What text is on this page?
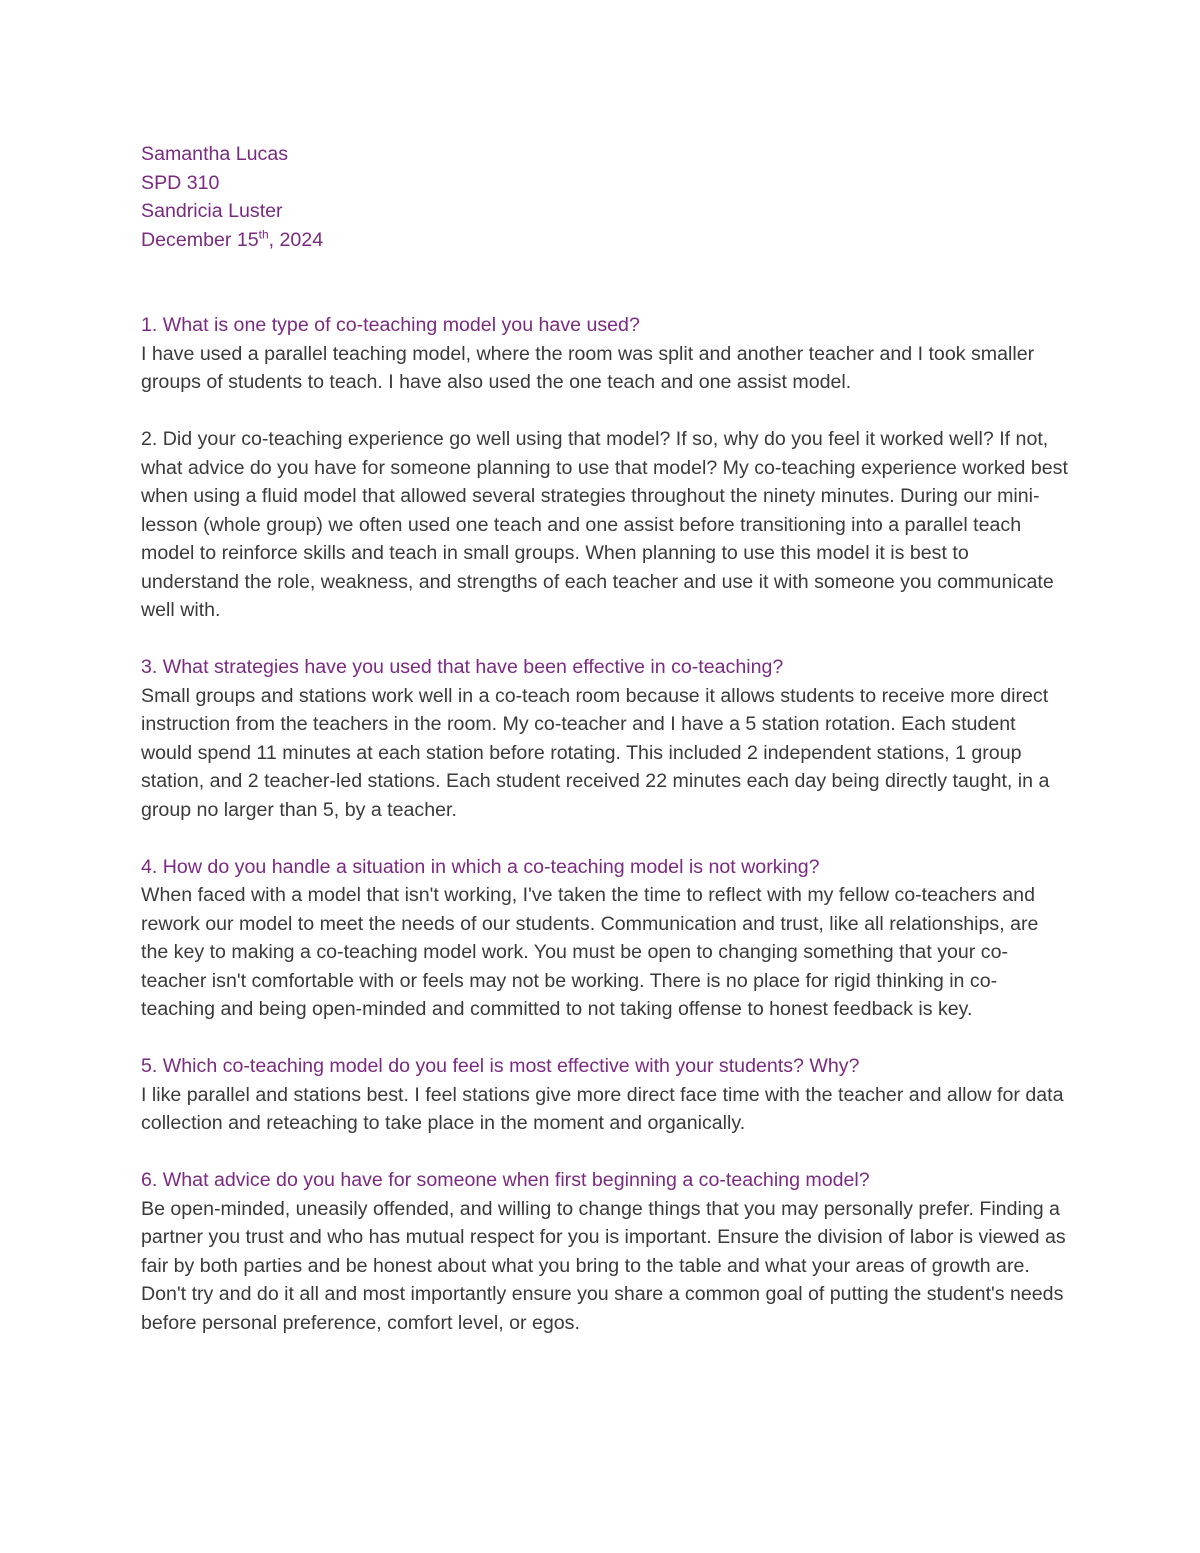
Samantha Lucas
SPD 310
Sandricia Luster
December 15th, 2024
1. What is one type of co-teaching model you have used?
I have used a parallel teaching model, where the room was split and another teacher and I took smaller groups of students to teach. I have also used the one teach and one assist model.
2. Did your co-teaching experience go well using that model? If so, why do you feel it worked well? If not, what advice do you have for someone planning to use that model? My co-teaching experience worked best when using a fluid model that allowed several strategies throughout the ninety minutes. During our mini-lesson (whole group) we often used one teach and one assist before transitioning into a parallel teach model to reinforce skills and teach in small groups. When planning to use this model it is best to understand the role, weakness, and strengths of each teacher and use it with someone you communicate well with.
3. What strategies have you used that have been effective in co-teaching?
Small groups and stations work well in a co-teach room because it allows students to receive more direct instruction from the teachers in the room. My co-teacher and I have a 5 station rotation. Each student would spend 11 minutes at each station before rotating. This included 2 independent stations, 1 group station, and 2 teacher-led stations. Each student received 22 minutes each day being directly taught, in a group no larger than 5, by a teacher.
4. How do you handle a situation in which a co-teaching model is not working?
When faced with a model that isn't working, I've taken the time to reflect with my fellow co-teachers and rework our model to meet the needs of our students. Communication and trust, like all relationships, are the key to making a co-teaching model work. You must be open to changing something that your co-teacher isn't comfortable with or feels may not be working. There is no place for rigid thinking in co-teaching and being open-minded and committed to not taking offense to honest feedback is key.
5. Which co-teaching model do you feel is most effective with your students? Why?
I like parallel and stations best. I feel stations give more direct face time with the teacher and allow for data collection and reteaching to take place in the moment and organically.
6. What advice do you have for someone when first beginning a co-teaching model?
Be open-minded, uneasily offended, and willing to change things that you may personally prefer. Finding a partner you trust and who has mutual respect for you is important. Ensure the division of labor is viewed as fair by both parties and be honest about what you bring to the table and what your areas of growth are. Don't try and do it all and most importantly ensure you share a common goal of putting the student's needs before personal preference, comfort level, or egos.
